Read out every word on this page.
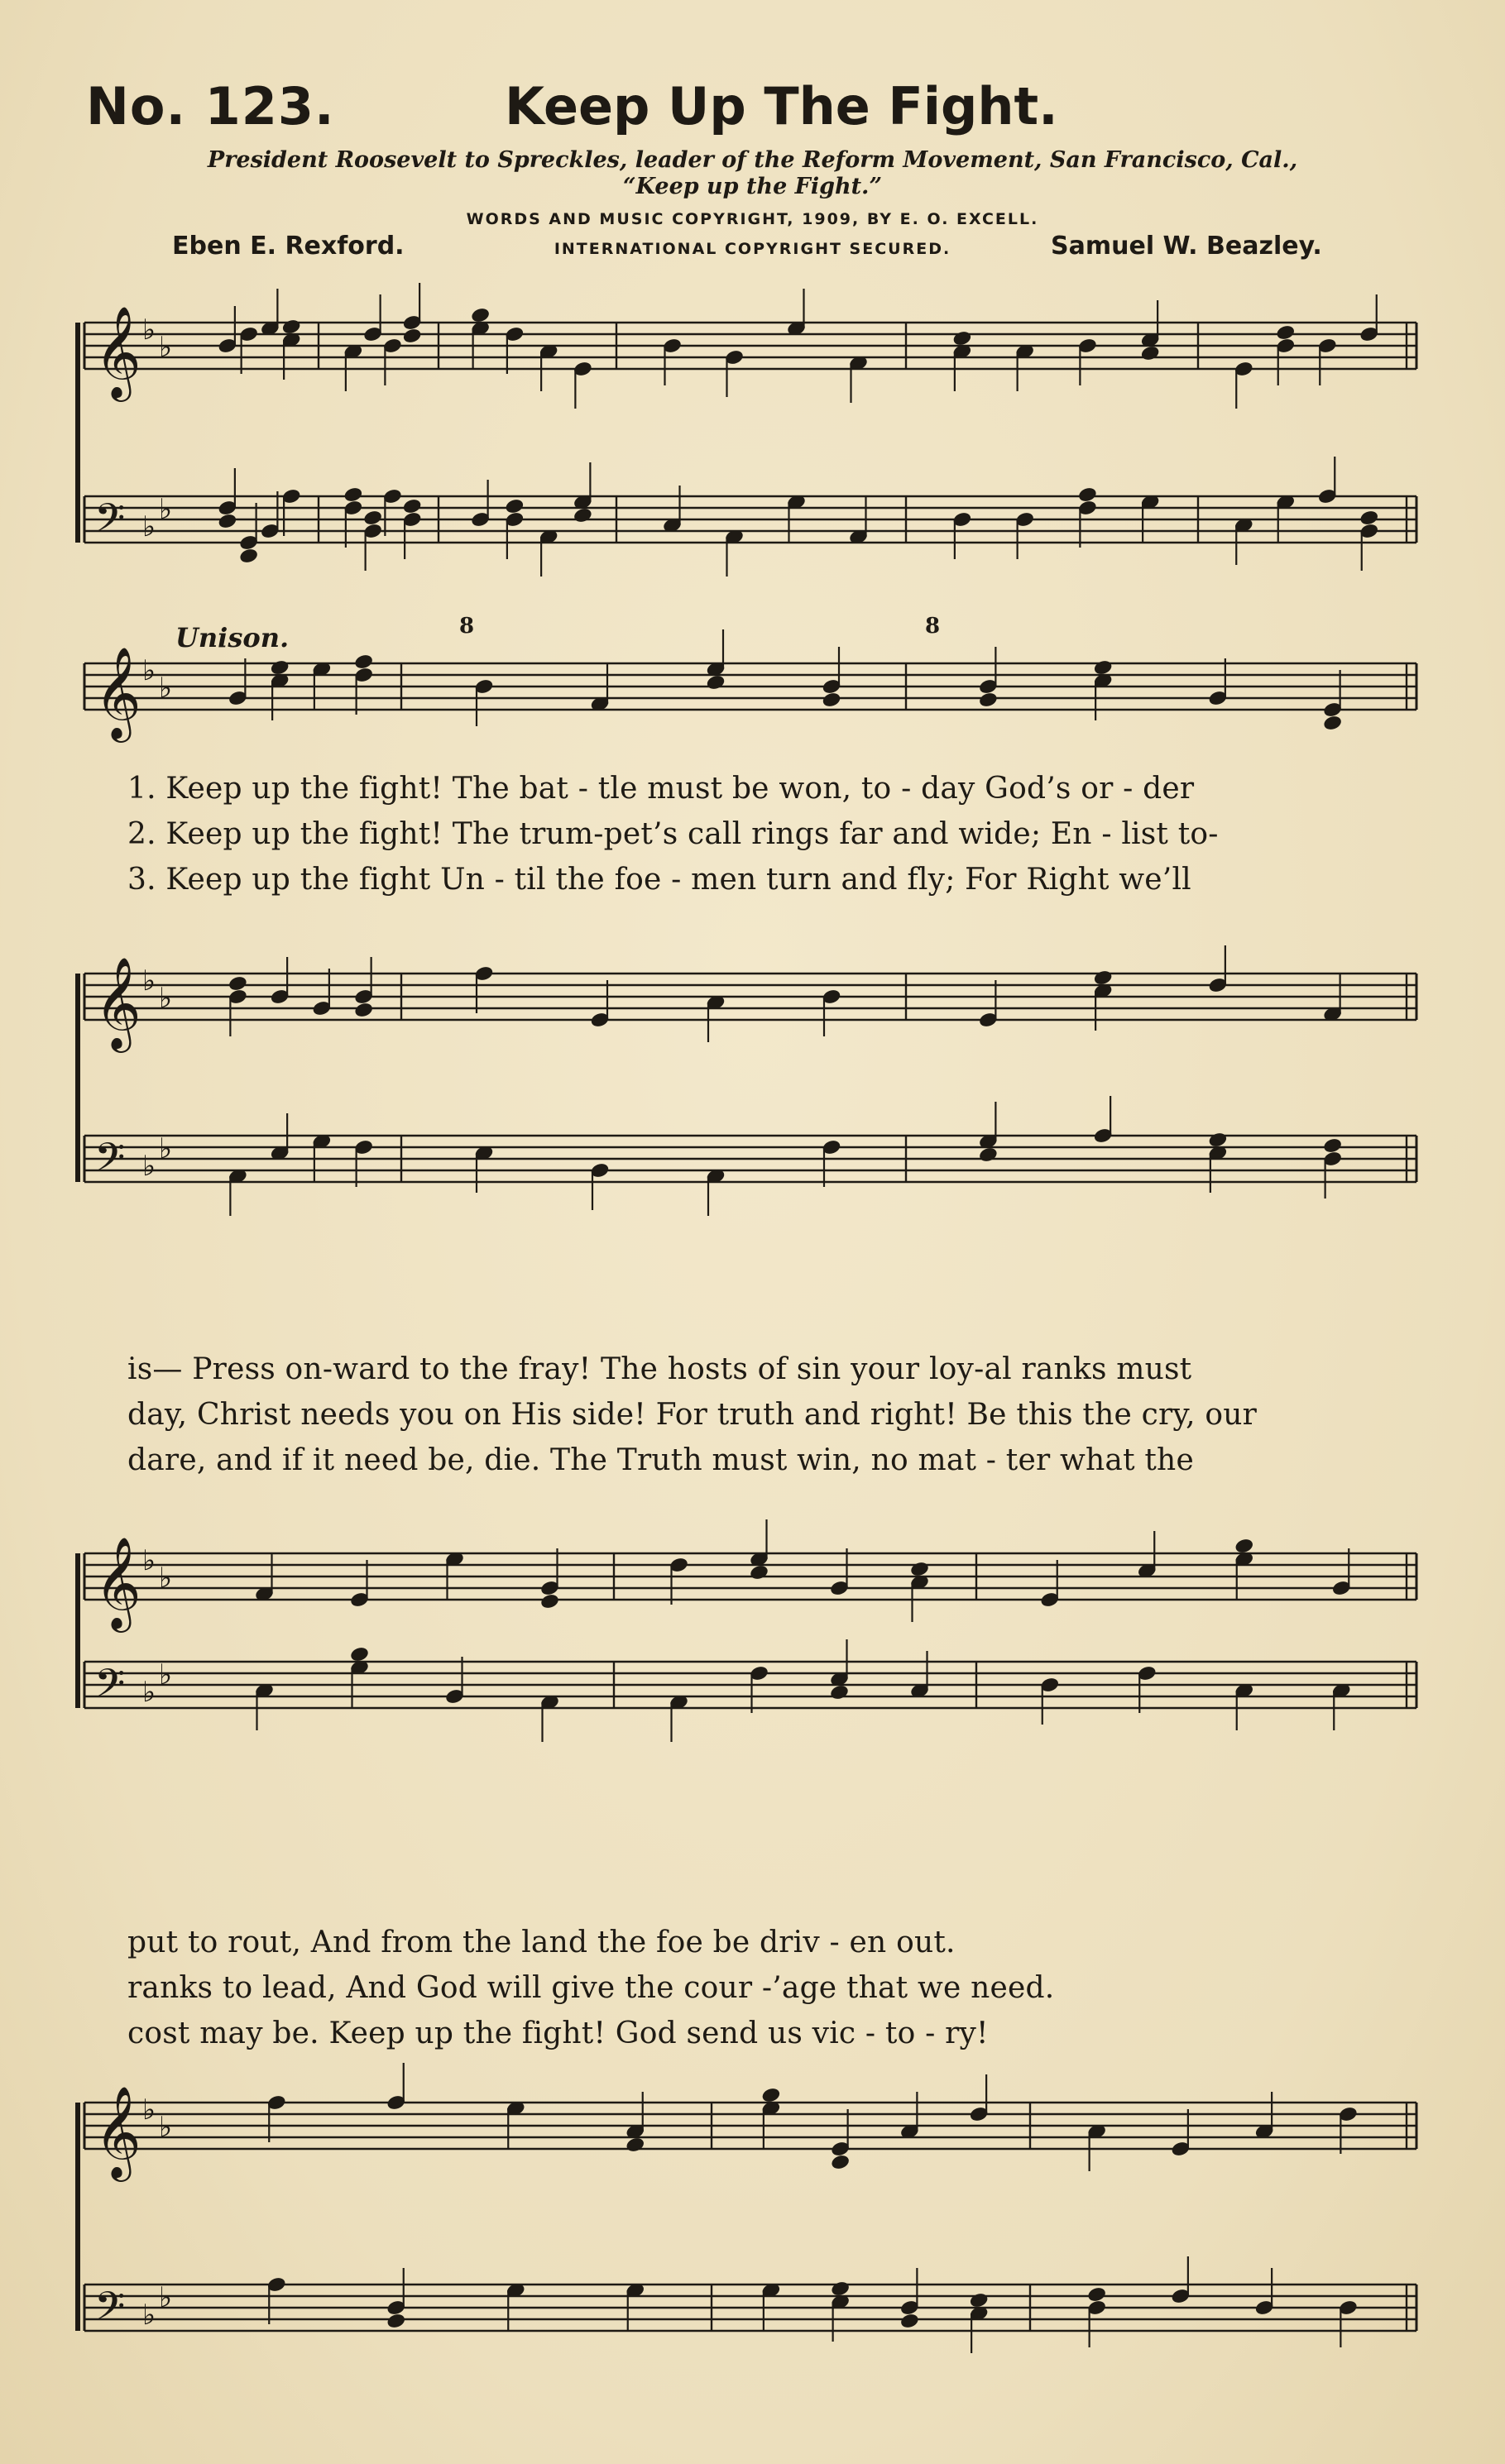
No. 123.	Keep Up The Fight.
President Roosevelt to Spreckles, leader of the Reform Movement, San Francisco, Cal.,
“Keep up the Fight.”
WORDS AND MUSIC COPYRIGHT, 1909, BY E. O. EXCELL.
INTERNATIONAL COPYRIGHT SECURED.
Eben E. Rexford.	Samuel W. Beazley.
𝄞 ♭
♭
𝄢 ♭
♭
𝄞 ♭
♭
𝄞 ♭
♭
𝄢 ♭
♭
𝄞 ♭
♭
𝄢 ♭
♭
𝄞 ♭
♭
𝄢 ♭
♭
Unison.	8	8
1. Keep up the fight! The bat - tle must be won, to - day God’s or - der
2. Keep up the fight! The trum-pet’s call rings far and wide; En - list to-
3. Keep up the fight Un - til the foe - men turn and fly; For Right we’ll
is— Press on-ward to the fray! The hosts of sin your loy-al ranks must
day, Christ needs you on His side! For truth and right! Be this the cry, our
dare, and if it need be, die. The Truth must win, no mat - ter what the
put to rout, And from the land the foe be driv - en out.
ranks to lead, And God will give the cour -’age that we need.
cost may be. Keep up the fight! God send us vic - to - ry!
